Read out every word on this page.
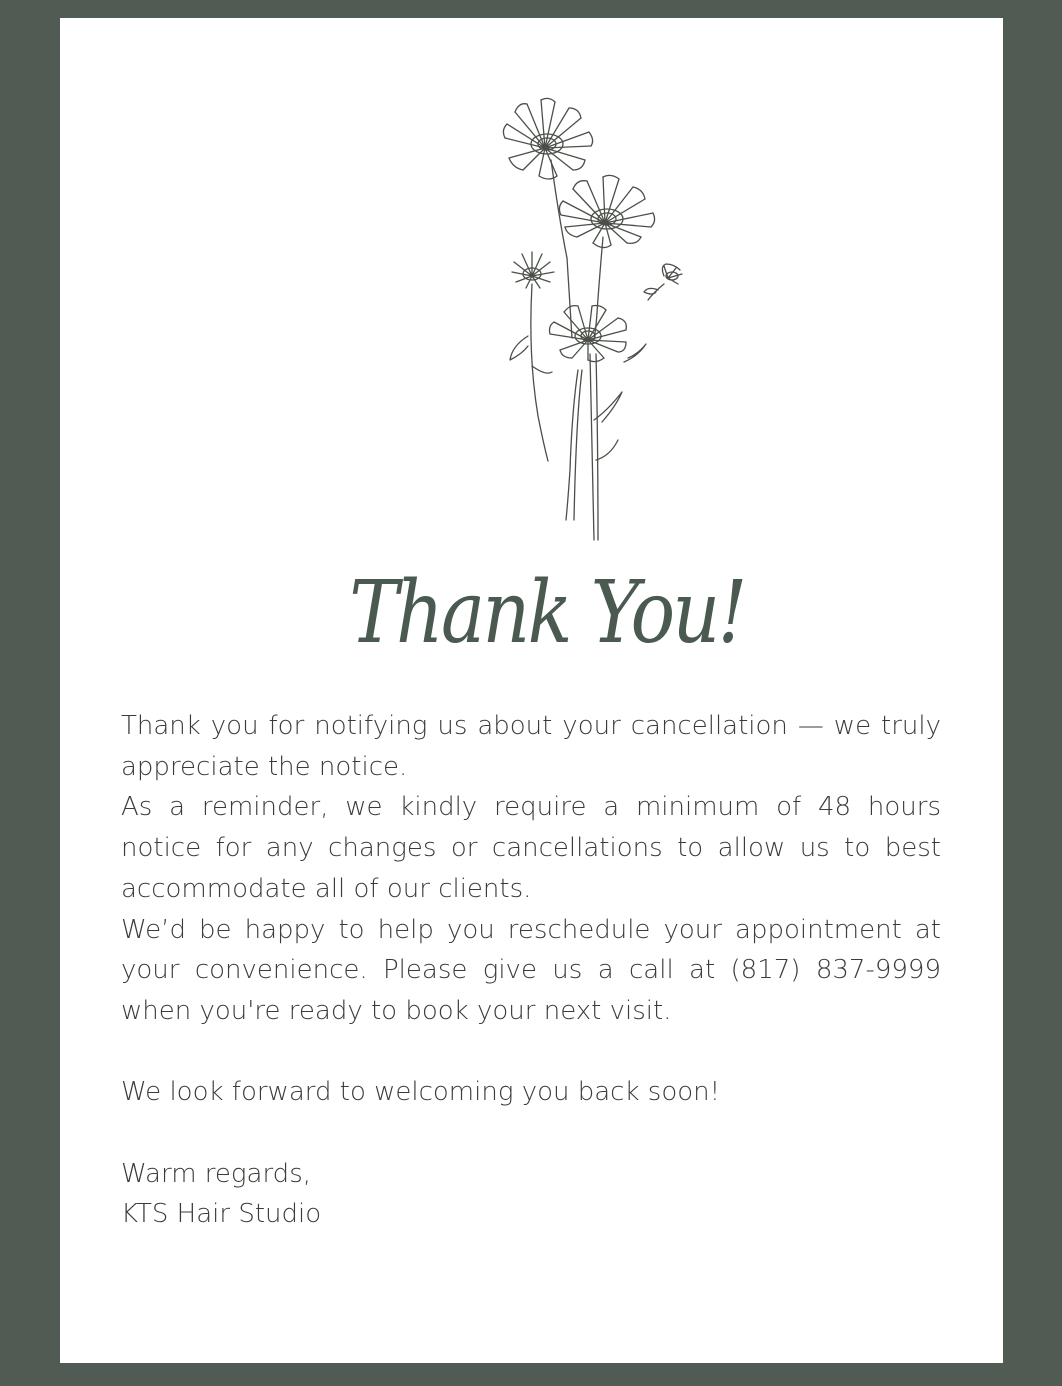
Thank You!

Thank you for notifying us about your cancellation — we truly appreciate the notice.

As a reminder, we kindly require a minimum of 48 hours notice for any changes or cancellations to allow us to best accommodate all of our clients.

We’d be happy to help you reschedule your appointment at your convenience. Please give us a call at (817) 837-9999 when you're ready to book your next visit.

We look forward to welcoming you back soon!

Warm regards,

KTS Hair Studio
